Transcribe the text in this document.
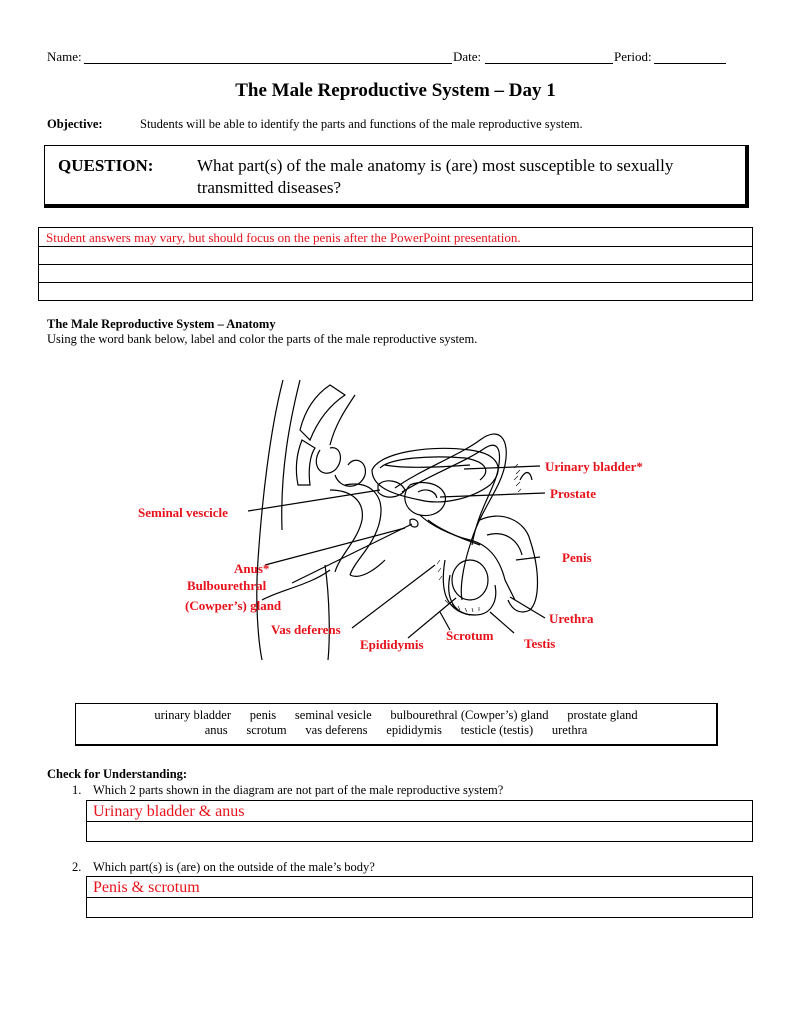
Name:	Date:	Period:
The Male Reproductive System – Day 1
Objective:	Students will be able to identify the parts and functions of the male reproductive system.
QUESTION:	What part(s) of the male anatomy is (are) most susceptible to sexually
transmitted diseases?
Student answers may vary, but should focus on the penis after the PowerPoint presentation.
The Male Reproductive System – Anatomy
Using the word bank below, label and color the parts of the male reproductive system.
Urinary bladder*
Prostate
Seminal vescicle
Penis
Anus*
Bulbourethral
(Cowper’s) gland
Urethra
Vas deferens	Scrotum
Epididymis	Testis
urinary bladder penis seminal vesicle bulbourethral (Cowper’s) gland prostate gland
anus scrotum vas deferens epididymis testicle (testis) urethra
Check for Understanding:
1. Which 2 parts shown in the diagram are not part of the male reproductive system?
Urinary bladder & anus
2. Which part(s) is (are) on the outside of the male’s body?
Penis & scrotum
